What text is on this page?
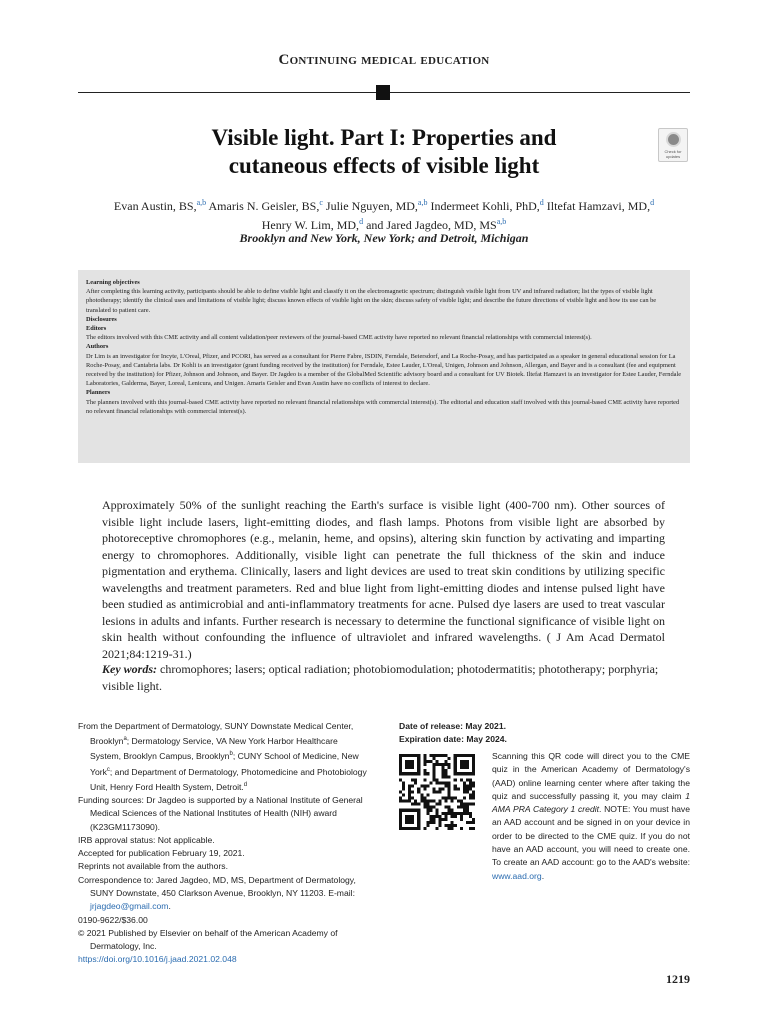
Continuing medical education
Visible light. Part I: Properties and
cutaneous effects of visible light
Check for updates
Evan Austin, BS,$^{a,b}$ Amaris N. Geisler, BS,$^c$ Julie Nguyen, MD,$^{a,b}$ Indermeet Kohli, PhD,$^d$ Iltefat Hamzavi, MD,$^d$
Henry W. Lim, MD,$^d$ and Jared Jagdeo, MD, MS$^{a,b}$
Brooklyn and New York, New York; and Detroit, Michigan
Learning objectives
After completing this learning activity, participants should be able to define visible light and classify it on the electromagnetic spectrum; distinguish visible light from UV and infrared radiation; list the types of visible light phototherapy; identify the clinical uses and limitations of visible light; discuss known effects of visible light on the skin; discuss safety of visible light; and describe the future directions of visible light and how its use can be translated to patient care.
Disclosures
Editors
The editors involved with this CME activity and all content validation/peer reviewers of the journal-based CME activity have reported no relevant financial relationships with commercial interest(s).
Authors
Dr Lim is an investigator for Incyte, L'Oreal, Pfizer, and PCORI, has served as a consultant for Pierre Fabre, ISDIN, Ferndale, Beiersdorf, and La Roche-Posay, and has participated as a speaker in general educational session for La Roche-Posay, and Cantabria labs. Dr Kohli is an investigator (grant funding received by the institution) for Ferndale, Estee Lauder, L'Oreal, Unigen, Johnson and Johnson, Allergan, and Bayer and is a consultant (fee and equipment received by the institution) for Pfizer, Johnson and Johnson, and Bayer. Dr Jagdeo is a member of the GlobalMed Scientific advisory board and a consultant for UV Biotek. Iltefat Hamzavi is an investigator for Estee Lauder, Ferndale Laboratories, Galderma, Bayer, Loreal, Lenicura, and Unigen. Amaris Geisler and Evan Austin have no conflicts of interest to declare.
Planners
The planners involved with this journal-based CME activity have reported no relevant financial relationships with commercial interest(s). The editorial and education staff involved with this journal-based CME activity have reported no relevant financial relationships with commercial interest(s).
Approximately 50% of the sunlight reaching the Earth's surface is visible light (400-700 nm). Other sources of visible light include lasers, light-emitting diodes, and flash lamps. Photons from visible light are absorbed by photoreceptive chromophores (e.g., melanin, heme, and opsins), altering skin function by activating and imparting energy to chromophores. Additionally, visible light can penetrate the full thickness of the skin and induce pigmentation and erythema. Clinically, lasers and light devices are used to treat skin conditions by utilizing specific wavelengths and treatment parameters. Red and blue light from light-emitting diodes and intense pulsed light have been studied as antimicrobial and anti-inflammatory treatments for acne. Pulsed dye lasers are used to treat vascular lesions in adults and infants. Further research is necessary to determine the functional significance of visible light on skin health without confounding the influence of ultraviolet and infrared wavelengths. ( J Am Acad Dermatol 2021;84:1219-31.)
Key words: chromophores; lasers; optical radiation; photobiomodulation; photodermatitis; phototherapy; porphyria; visible light.
From the Department of Dermatology, SUNY Downstate Medical Center, Brooklyn$^a$; Dermatology Service, VA New York Harbor Healthcare System, Brooklyn Campus, Brooklyn$^b$; CUNY School of Medicine, New York$^c$; and Department of Dermatology, Photomedicine and Photobiology Unit, Henry Ford Health System, Detroit.$^d$
Funding sources: Dr Jagdeo is supported by a National Institute of General Medical Sciences of the National Institutes of Health (NIH) award (K23GM1173090).
IRB approval status: Not applicable.
Accepted for publication February 19, 2021.
Reprints not available from the authors.
Correspondence to: Jared Jagdeo, MD, MS, Department of Dermatology, SUNY Downstate, 450 Clarkson Avenue, Brooklyn, NY 11203. E-mail: jrjagdeo@gmail.com.
0190-9622/$36.00
© 2021 Published by Elsevier on behalf of the American Academy of Dermatology, Inc.
https://doi.org/10.1016/j.jaad.2021.02.048
Date of release: May 2021.
Expiration date: May 2024.
Scanning this QR code will direct you to the CME quiz in the American Academy of Dermatology's (AAD) online learning center where after taking the quiz and successfully passing it, you may claim 1 AMA PRA Category 1 credit. NOTE: You must have an AAD account and be signed in on your device in order to be directed to the CME quiz. If you do not have an AAD account, you will need to create one. To create an AAD account: go to the AAD's website: www.aad.org.
1219
